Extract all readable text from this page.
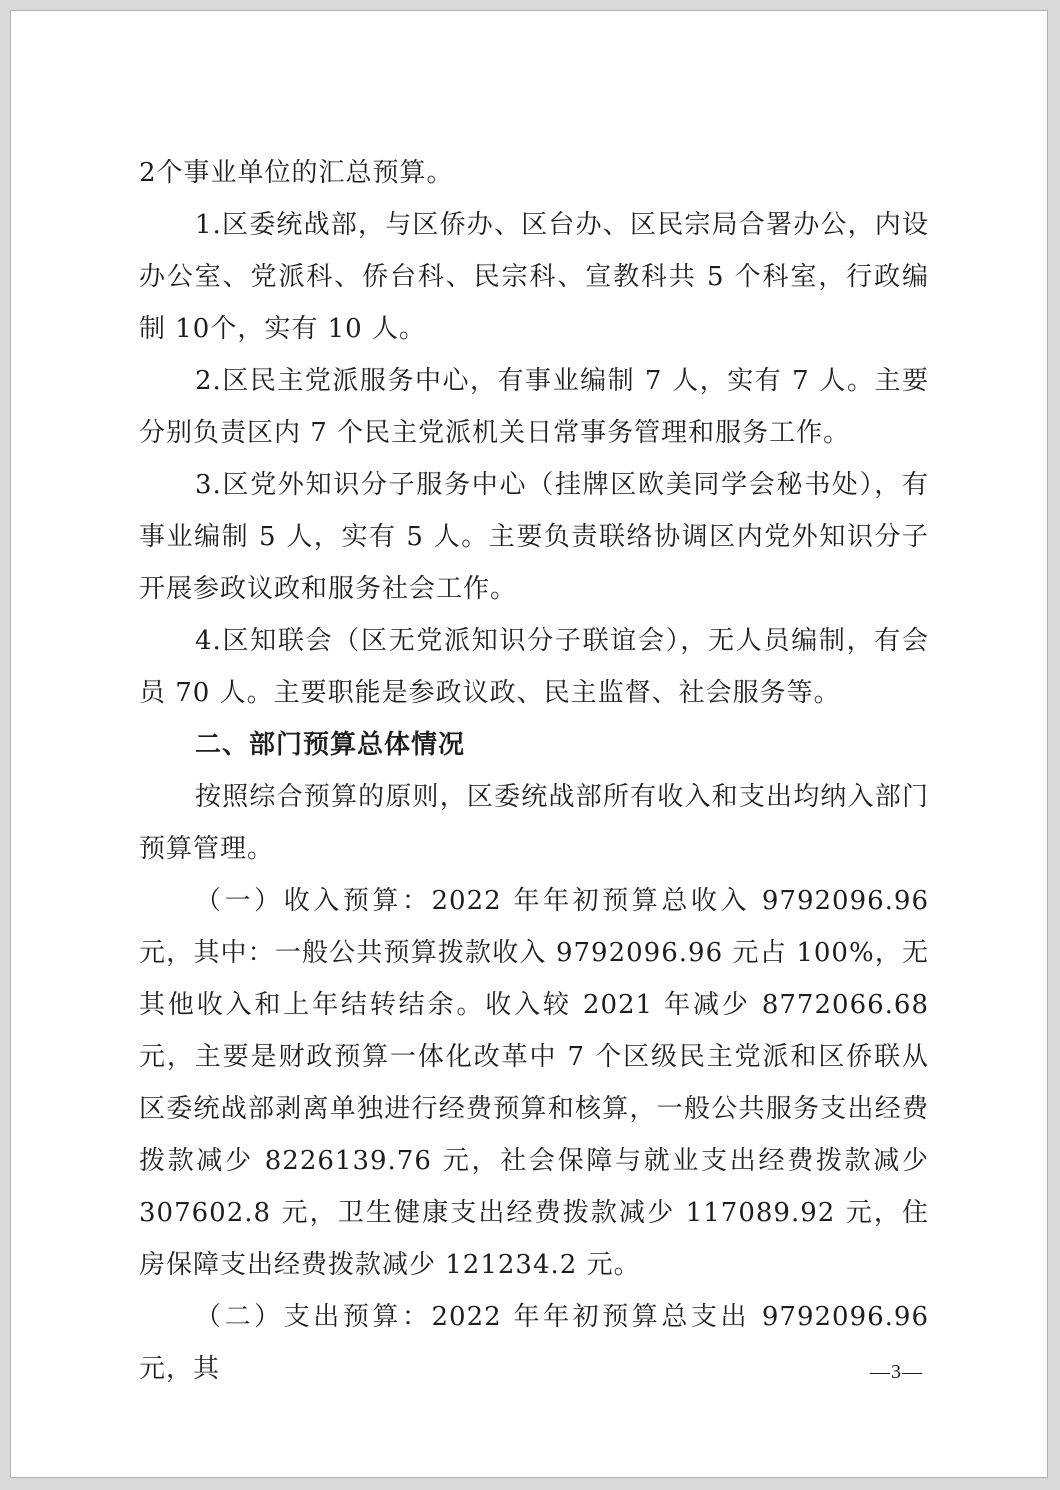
2个事业单位的汇总预算。

1.区委统战部，与区侨办、区台办、区民宗局合署办公，内设办公室、党派科、侨台科、民宗科、宣教科共 5 个科室，行政编制 10个，实有 10 人。

2.区民主党派服务中心，有事业编制 7 人，实有 7 人。主要分别负责区内 7 个民主党派机关日常事务管理和服务工作。

3.区党外知识分子服务中心（挂牌区欧美同学会秘书处），有事业编制 5 人，实有 5 人。主要负责联络协调区内党外知识分子开展参政议政和服务社会工作。

4.区知联会（区无党派知识分子联谊会），无人员编制，有会员 70 人。主要职能是参政议政、民主监督、社会服务等。

二、部门预算总体情况

按照综合预算的原则，区委统战部所有收入和支出均纳入部门预算管理。

（一）收入预算：2022 年年初预算总收入 9792096.96 元，其中：一般公共预算拨款收入 9792096.96 元占 100%，无其他收入和上年结转结余。收入较 2021 年减少 8772066.68 元，主要是财政预算一体化改革中 7 个区级民主党派和区侨联从区委统战部剥离单独进行经费预算和核算，一般公共服务支出经费拨款减少 8226139.76 元，社会保障与就业支出经费拨款减少 307602.8 元，卫生健康支出经费拨款减少 117089.92 元，住房保障支出经费拨款减少 121234.2 元。

（二）支出预算：2022 年年初预算总支出 9792096.96 元，其	—3—
